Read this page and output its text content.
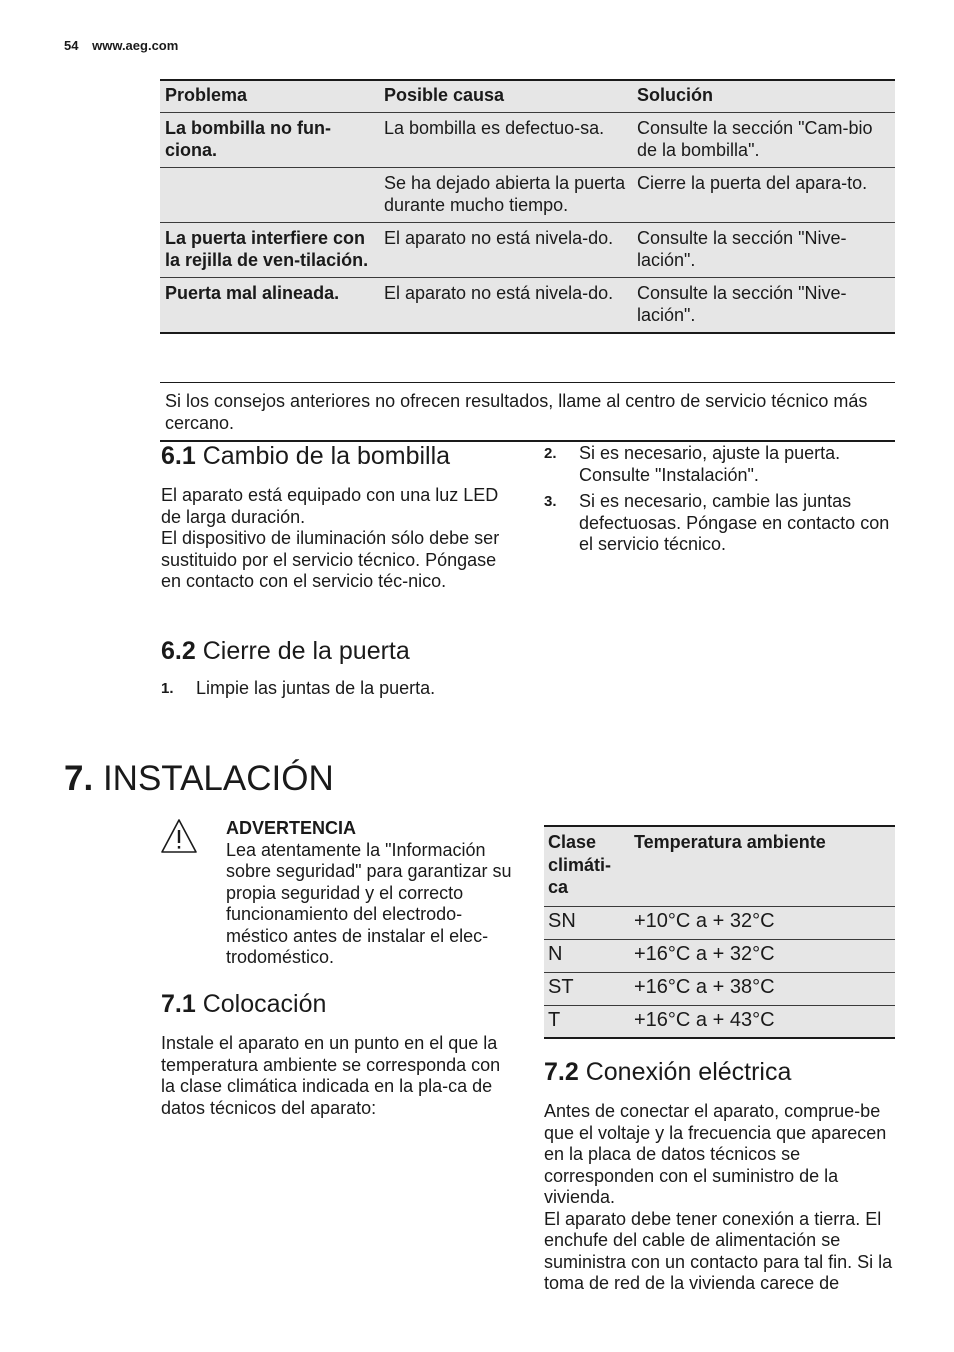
54 www.aeg.com
Problema	Posible causa	Solución
La bombilla no fun-ciona.	La bombilla es defectuo-sa.	Consulte la sección "Cam-bio de la bombilla".
	Se ha dejado abierta la puerta durante mucho tiempo.	Cierre la puerta del apara-to.
La puerta interfiere con la rejilla de ven-tilación.	El aparato no está nivela-do.	Consulte la sección "Nive-lación".
Puerta mal alineada.	El aparato no está nivela-do.	Consulte la sección "Nive-lación".
Si los consejos anteriores no ofrecen resultados, llame al centro de servicio técnico más cercano.
6.1 Cambio de la bombilla
El aparato está equipado con una luz LED de larga duración.
El dispositivo de iluminación sólo debe ser sustituido por el servicio técnico. Póngase en contacto con el servicio téc-nico.
6.2 Cierre de la puerta
1. Limpie las juntas de la puerta.
2. Si es necesario, ajuste la puerta. Consulte "Instalación".
3. Si es necesario, cambie las juntas defectuosas. Póngase en contacto con el servicio técnico.
7. INSTALACIÓN
ADVERTENCIA
Lea atentamente la "Información sobre seguridad" para garantizar su propia seguridad y el correcto funcionamiento del electrodo-méstico antes de instalar el elec-trodoméstico.
7.1 Colocación
Instale el aparato en un punto en el que la temperatura ambiente se corresponda con la clase climática indicada en la pla-ca de datos técnicos del aparato:
Clase climáti-ca	Temperatura ambiente
SN	+10°C a + 32°C
N	+16°C a + 32°C
ST	+16°C a + 38°C
T	+16°C a + 43°C
7.2 Conexión eléctrica
Antes de conectar el aparato, comprue-be que el voltaje y la frecuencia que aparecen en la placa de datos técnicos se corresponden con el suministro de la vivienda.
El aparato debe tener conexión a tierra. El enchufe del cable de alimentación se suministra con un contacto para tal fin. Si la toma de red de la vivienda carece de
